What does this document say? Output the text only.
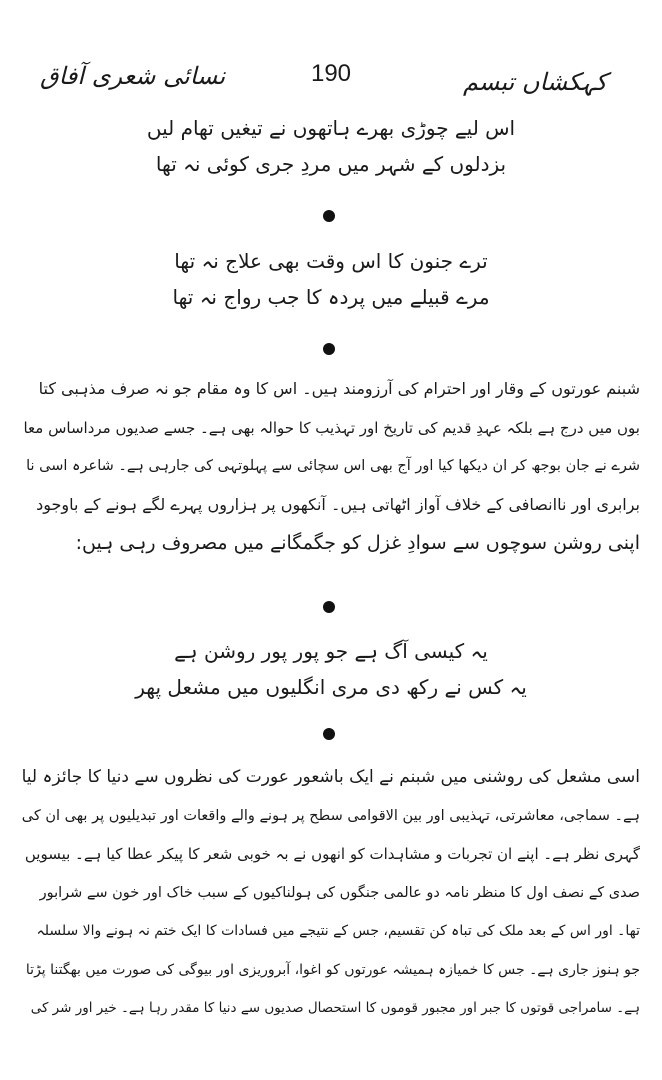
نسائی شعری آفاق	190	کہکشاں تبسم
اس لیے چوڑی بھرے ہاتھوں نے تیغیں تھام لیں
بزدلوں کے شہر میں مردِ جری کوئی نہ تھا
ترے جنون کا اس وقت بھی علاج نہ تھا
مرے قبیلے میں پردہ کا جب رواج نہ تھا
شبنم عورتوں کے وقار اور احترام کی آرزومند ہیں۔ اس کا وہ مقام جو نہ صرف مذہبی کتا
بوں میں درج ہے بلکہ عہدِ قدیم کی تاریخ اور تہذیب کا حوالہ بھی ہے۔ جسے صدیوں مرداساس معا
شرے نے جان بوجھ کر ان دیکھا کیا اور آج بھی اس سچائی سے پہلوتہی کی جارہی ہے۔ شاعرہ اسی نا
برابری اور ناانصافی کے خلاف آواز اٹھاتی ہیں۔ آنکھوں پر ہزاروں پہرے لگے ہونے کے باوجود
اپنی روشن سوچوں سے سوادِ غزل کو جگمگانے میں مصروف رہی ہیں:
یہ کیسی آگ ہے جو پور پور روشن ہے
یہ کس نے رکھ دی مری انگلیوں میں مشعل پھر
اسی مشعل کی روشنی میں شبنم نے ایک باشعور عورت کی نظروں سے دنیا کا جائزہ لیا
ہے۔ سماجی، معاشرتی، تہذیبی اور بین الاقوامی سطح پر ہونے والے واقعات اور تبدیلیوں پر بھی ان کی
گہری نظر ہے۔ اپنے ان تجربات و مشاہدات کو انھوں نے بہ خوبی شعر کا پیکر عطا کیا ہے۔ بیسویں
صدی کے نصف اول کا منظر نامہ دو عالمی جنگوں کی ہولناکیوں کے سبب خاک اور خون سے شرابور
تھا۔ اور اس کے بعد ملک کی تباہ کن تقسیم، جس کے نتیجے میں فسادات کا ایک ختم نہ ہونے والا سلسلہ
جو ہنوز جاری ہے۔ جس کا خمیازہ ہمیشہ عورتوں کو اغوا، آبروریزی اور بیوگی کی صورت میں بھگتنا پڑتا
ہے۔ سامراجی قوتوں کا جبر اور مجبور قوموں کا استحصال صدیوں سے دنیا کا مقدر رہا ہے۔ خیر اور شر کی
